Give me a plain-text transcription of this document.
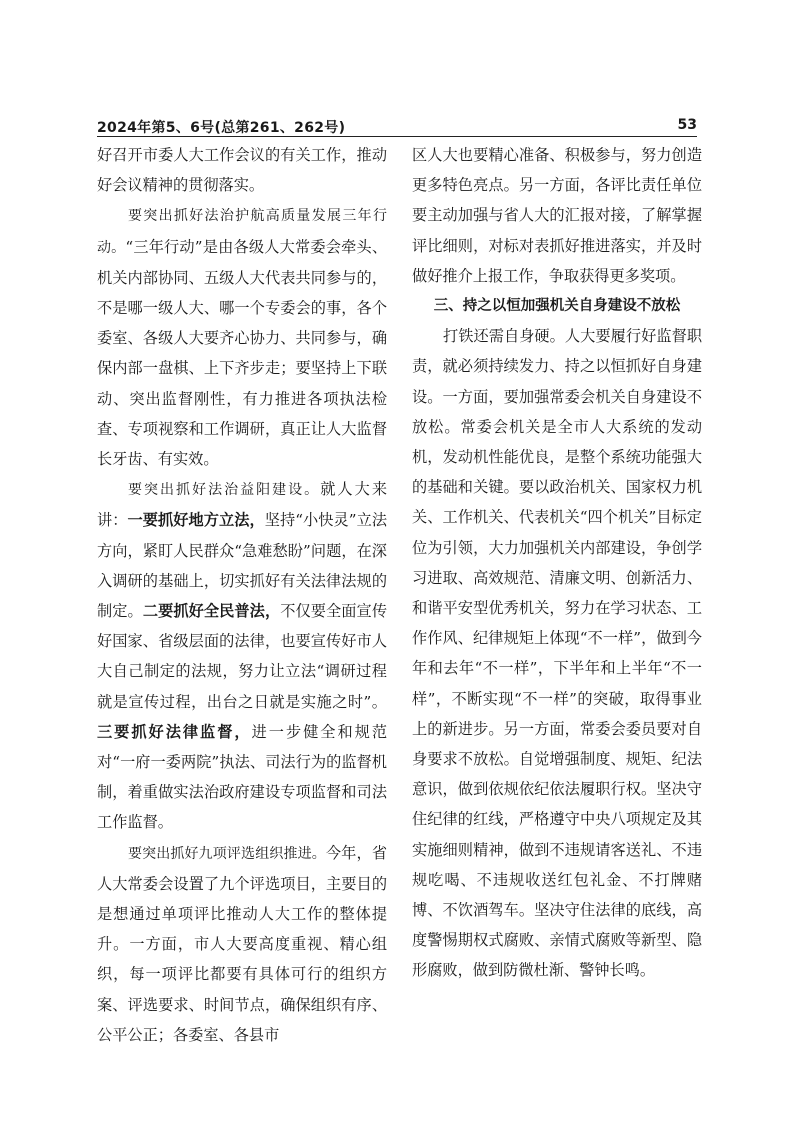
2024年第5、6号(总第261、262号)	53

好召开市委人大工作会议的有关工作，推动好会议精神的贯彻落实。

要突出抓好法治护航高质量发展三年行动。“三年行动”是由各级人大常委会牵头、机关内部协同、五级人大代表共同参与的，不是哪一级人大、哪一个专委会的事，各个委室、各级人大要齐心协力、共同参与，确保内部一盘棋、上下齐步走；要坚持上下联动、突出监督刚性，有力推进各项执法检查、专项视察和工作调研，真正让人大监督长牙齿、有实效。

要突出抓好法治益阳建设。就人大来讲：一要抓好地方立法，坚持“小快灵”立法方向，紧盯人民群众“急难愁盼”问题，在深入调研的基础上，切实抓好有关法律法规的制定。二要抓好全民普法，不仅要全面宣传好国家、省级层面的法律，也要宣传好市人大自己制定的法规，努力让立法“调研过程就是宣传过程，出台之日就是实施之时”。三要抓好法律监督，进一步健全和规范对“一府一委两院”执法、司法行为的监督机制，着重做实法治政府建设专项监督和司法工作监督。

要突出抓好九项评选组织推进。今年，省人大常委会设置了九个评选项目，主要目的是想通过单项评比推动人大工作的整体提升。一方面，市人大要高度重视、精心组织，每一项评比都要有具体可行的组织方案、评选要求、时间节点，确保组织有序、公平公正；各委室、各县市

区人大也要精心准备、积极参与，努力创造更多特色亮点。另一方面，各评比责任单位要主动加强与省人大的汇报对接，了解掌握评比细则，对标对表抓好推进落实，并及时做好推介上报工作，争取获得更多奖项。

三、持之以恒加强机关自身建设不放松

打铁还需自身硬。人大要履行好监督职责，就必须持续发力、持之以恒抓好自身建设。一方面，要加强常委会机关自身建设不放松。常委会机关是全市人大系统的发动机，发动机性能优良，是整个系统功能强大的基础和关键。要以政治机关、国家权力机关、工作机关、代表机关“四个机关”目标定位为引领，大力加强机关内部建设，争创学习进取、高效规范、清廉文明、创新活力、和谐平安型优秀机关，努力在学习状态、工作作风、纪律规矩上体现“不一样”，做到今年和去年“不一样”，下半年和上半年“不一样”，不断实现“不一样”的突破，取得事业上的新进步。另一方面，常委会委员要对自身要求不放松。自觉增强制度、规矩、纪法意识，做到依规依纪依法履职行权。坚决守住纪律的红线，严格遵守中央八项规定及其实施细则精神，做到不违规请客送礼、不违规吃喝、不违规收送红包礼金、不打牌赌博、不饮酒驾车。坚决守住法律的底线，高度警惕期权式腐败、亲情式腐败等新型、隐形腐败，做到防微杜渐、警钟长鸣。
